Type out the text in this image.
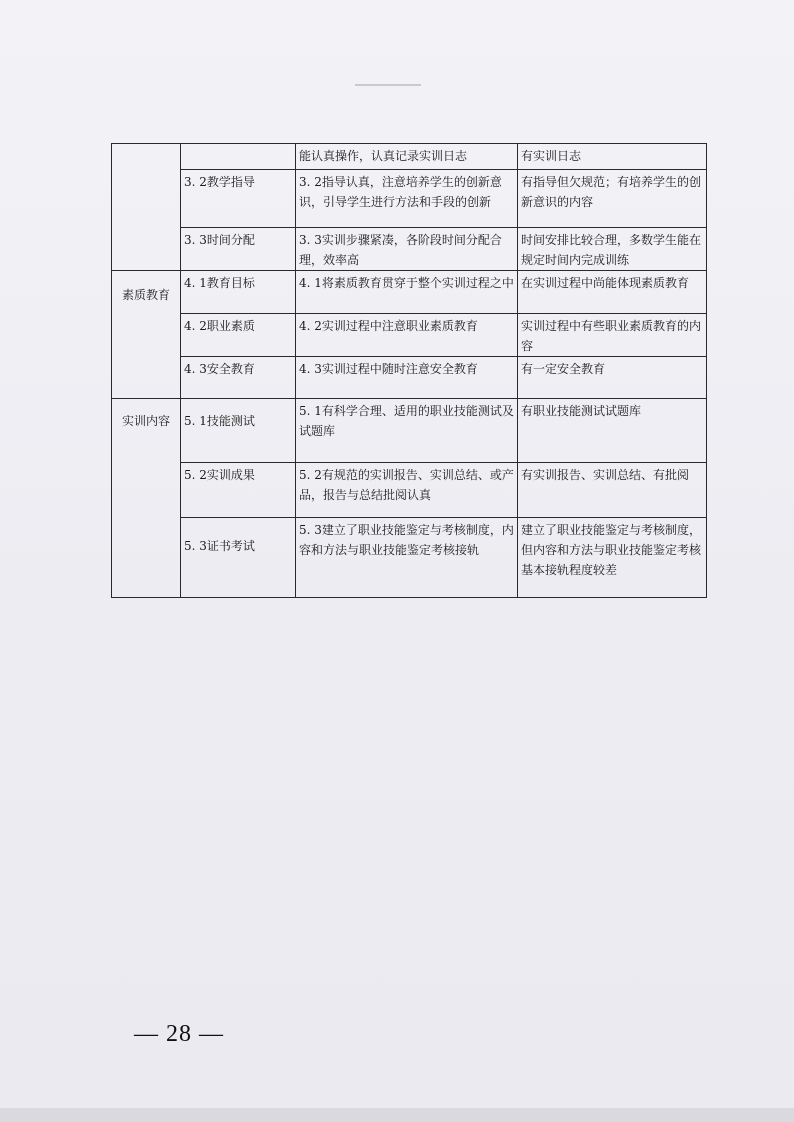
		能认真操作，认真记录实训日志	有实训日志
	3. 2教学指导	3. 2指导认真，注意培养学生的创新意识，引导学生进行方法和手段的创新	有指导但欠规范；有培养学生的创新意识的内容
	3. 3时间分配	3. 3实训步骤紧凑，各阶段时间分配合理，效率高	时间安排比较合理，多数学生能在规定时间内完成训练
素质教育	4. 1教育目标	4. 1将素质教育贯穿于整个实训过程之中	在实训过程中尚能体现素质教育
	4. 2职业素质	4. 2实训过程中注意职业素质教育	实训过程中有些职业素质教育的内容
	4. 3安全教育	4. 3实训过程中随时注意安全教育	有一定安全教育
实训内容	5. 1技能测试	5. 1有科学合理、适用的职业技能测试及试题库	有职业技能测试试题库
	5. 2实训成果	5. 2有规范的实训报告、实训总结、或产品，报告与总结批阅认真	有实训报告、实训总结、有批阅
	5. 3证书考试	5. 3建立了职业技能鉴定与考核制度，内容和方法与职业技能鉴定考核接轨	建立了职业技能鉴定与考核制度，但内容和方法与职业技能鉴定考核基本接轨程度较差
— 28 —
